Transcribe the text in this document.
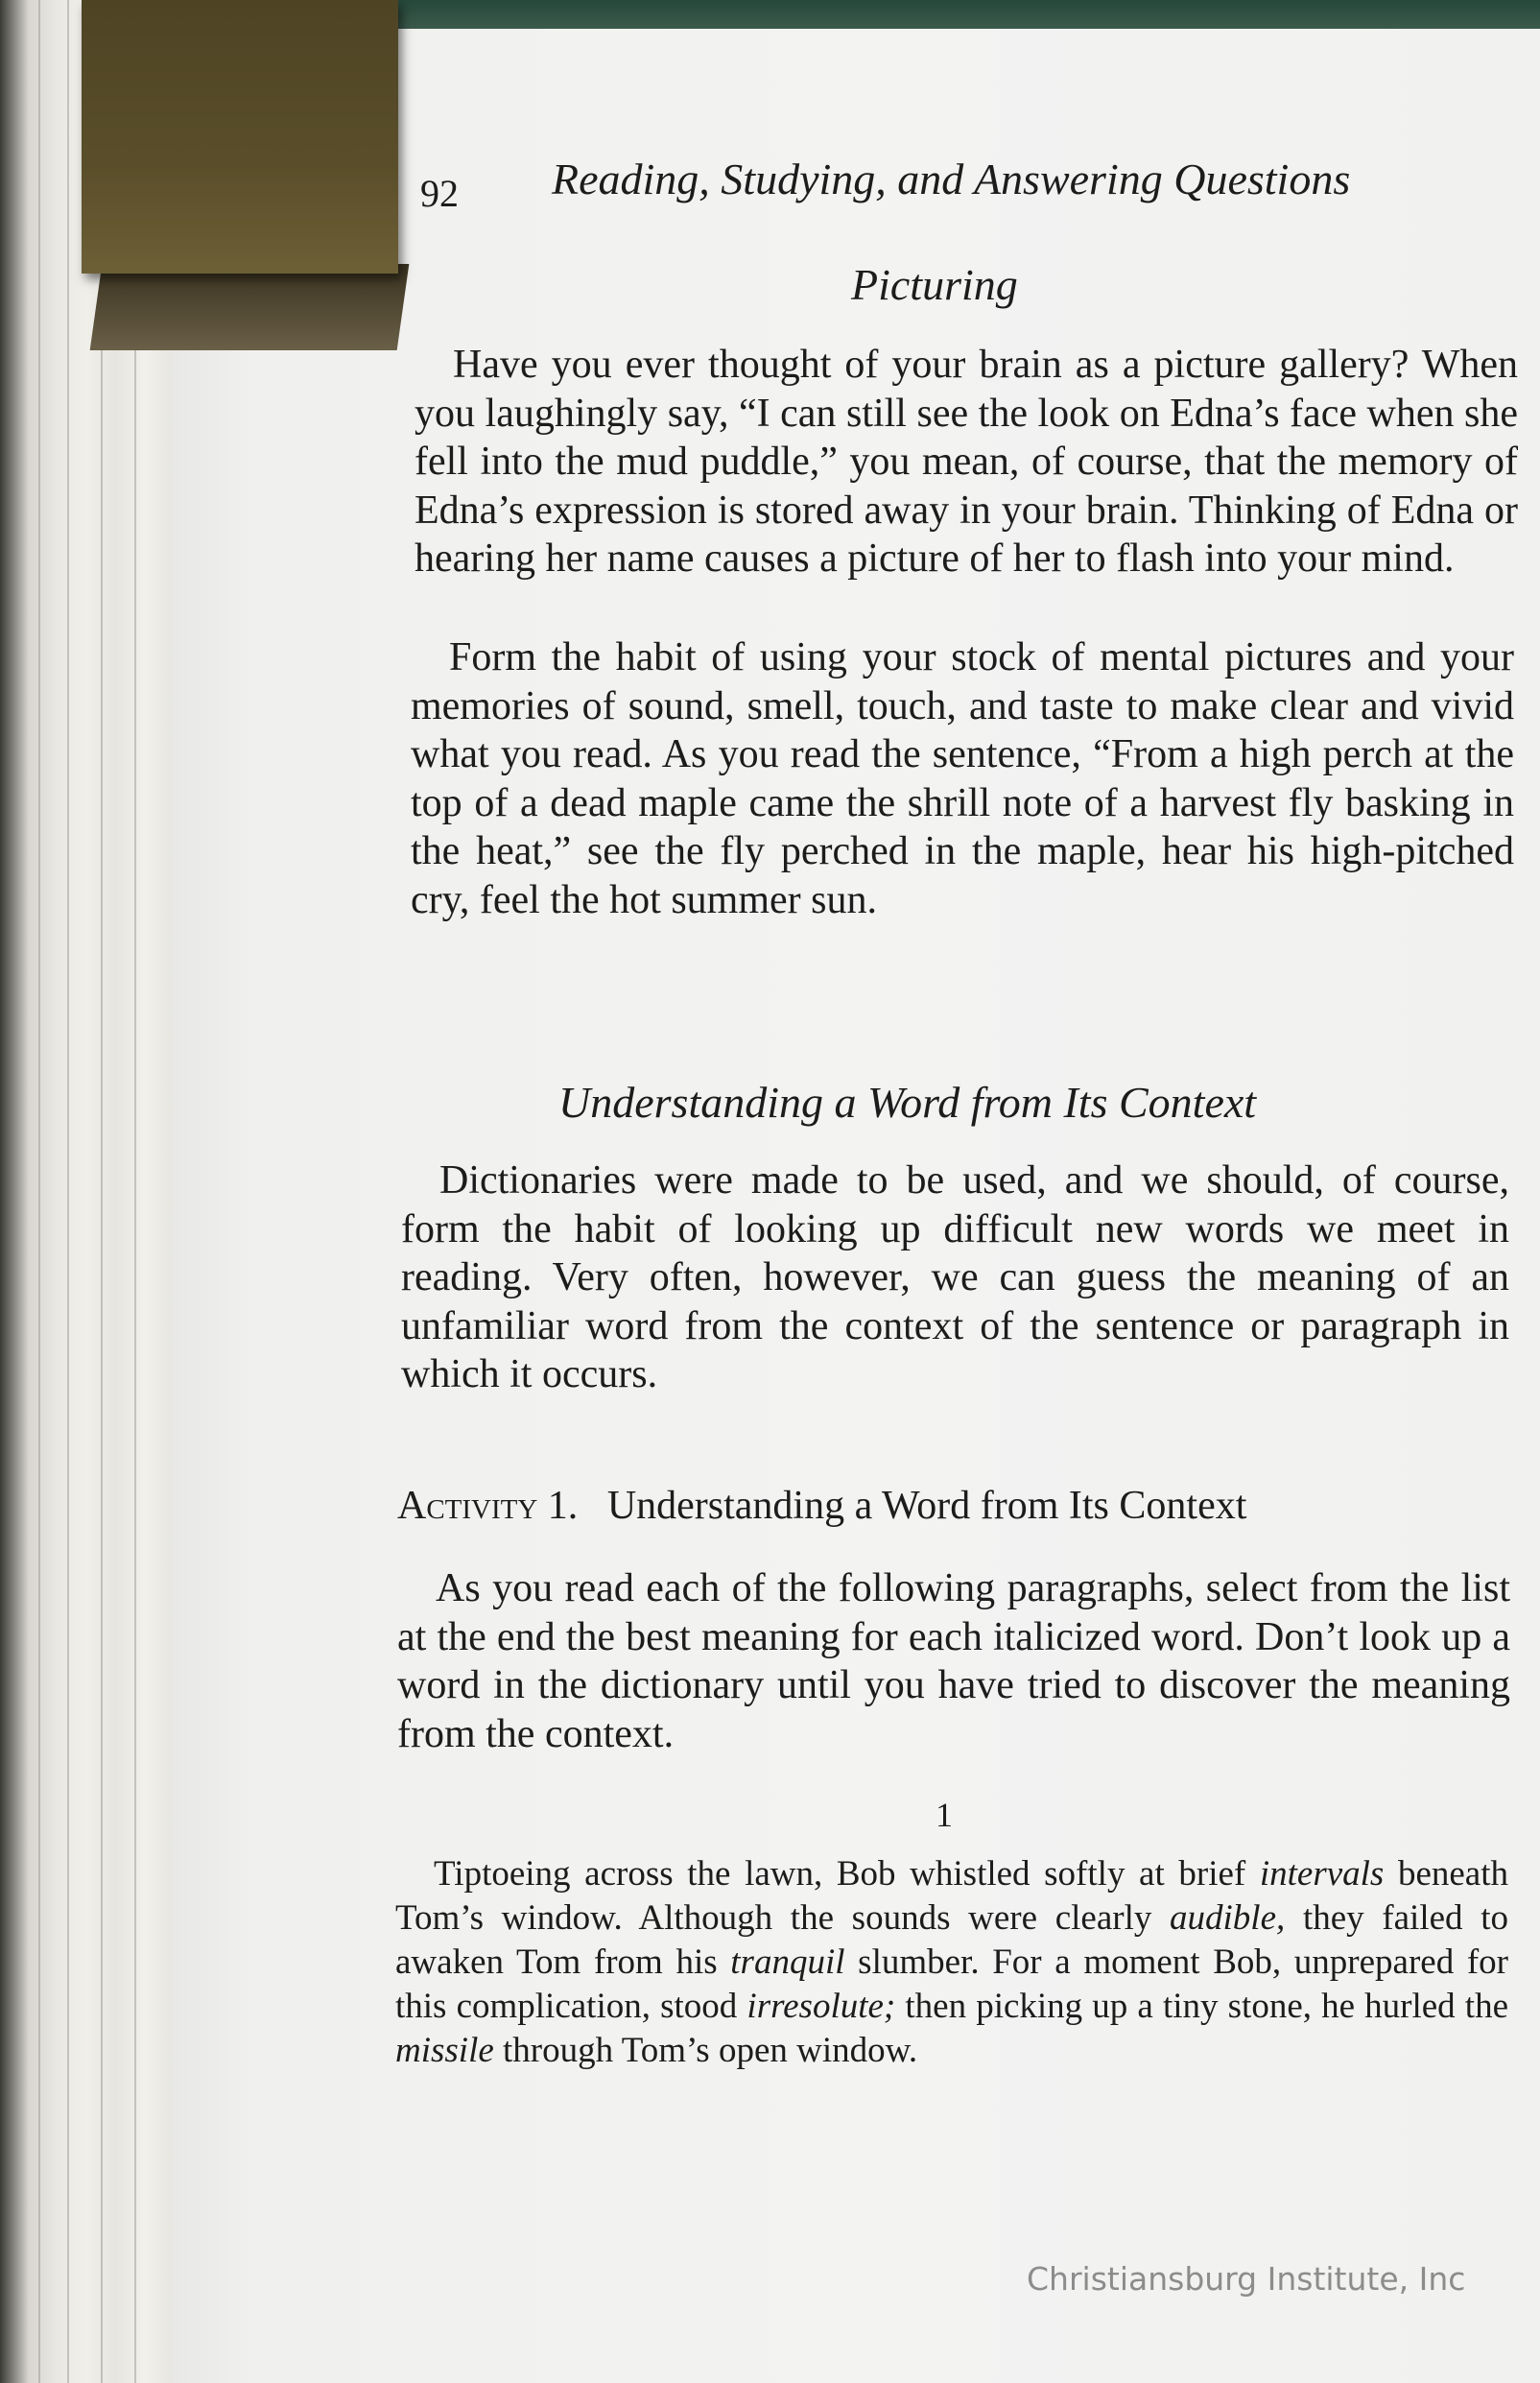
92 Reading, Studying, and Answering Questions
Picturing
Have you ever thought of your brain as a picture gallery? When you laughingly say, “I can still see the look on Edna’s face when she fell into the mud puddle,” you mean, of course, that the memory of Edna’s expression is stored away in your brain. Thinking of Edna or hearing her name causes a picture of her to flash into your mind.
Form the habit of using your stock of mental pictures and your memories of sound, smell, touch, and taste to make clear and vivid what you read. As you read the sentence, “From a high perch at the top of a dead maple came the shrill note of a harvest fly basking in the heat,” see the fly perched in the maple, hear his high-pitched cry, feel the hot summer sun.
Understanding a Word from Its Context
Dictionaries were made to be used, and we should, of course, form the habit of looking up difficult new words we meet in reading. Very often, however, we can guess the meaning of an unfamiliar word from the context of the sentence or paragraph in which it occurs.
Activity 1. Understanding a Word from Its Context
As you read each of the following paragraphs, select from the list at the end the best meaning for each italicized word. Don’t look up a word in the dictionary until you have tried to discover the meaning from the context.
1
Tiptoeing across the lawn, Bob whistled softly at brief intervals beneath Tom’s window. Although the sounds were clearly audible, they failed to awaken Tom from his tranquil slumber. For a moment Bob, unprepared for this complication, stood irresolute; then picking up a tiny stone, he hurled the missile through Tom’s open window.
Christiansburg Institute, Inc
